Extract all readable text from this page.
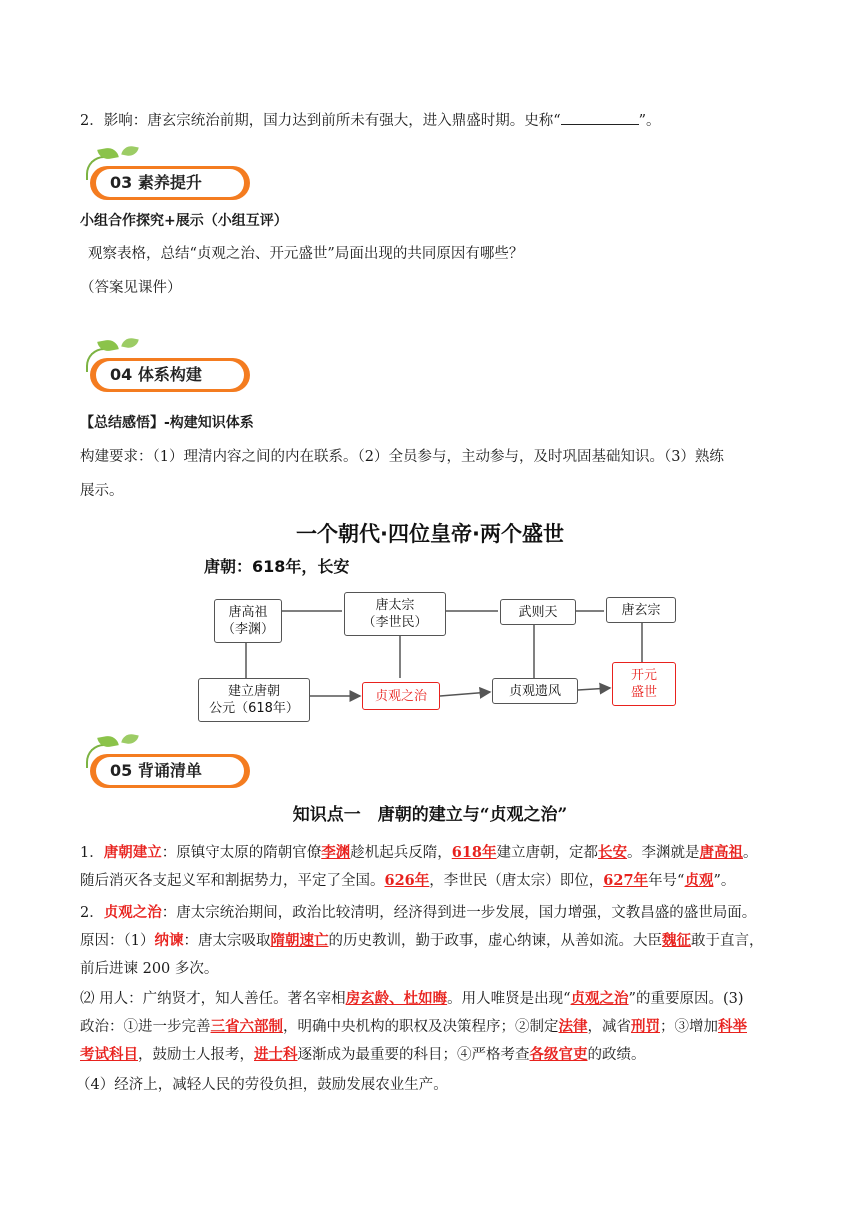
2．影响：唐玄宗统治前期，国力达到前所未有强大，进入鼎盛时期。史称“	”。
03 素养提升
小组合作探究+展示（小组互评）
观察表格，总结“贞观之治、开元盛世”局面出现的共同原因有哪些？
（答案见课件）
04 体系构建
【总结感悟】-构建知识体系
构建要求：（1）理清内容之间的内在联系。（2）全员参与，主动参与，及时巩固基础知识。（3）熟练
展示。
一个朝代·四位皇帝·两个盛世
唐朝：618年，长安
唐高祖
（李渊）
唐太宗
（李世民）
武则天	唐玄宗
建立唐朝
公元（618年）
贞观之治	贞观遗风
开元
盛世
05 背诵清单
知识点一　唐朝的建立与“贞观之治”
1．唐朝建立：原镇守太原的隋朝官僚李渊趁机起兵反隋，618年建立唐朝，定都长安。李渊就是唐高祖。
随后消灭各支起义军和割据势力，平定了全国。626年，李世民（唐太宗）即位，627年年号“贞观”。
2．贞观之治：唐太宗统治期间，政治比较清明，经济得到进一步发展，国力增强，文教昌盛的盛世局面。
原因：（1）纳谏：唐太宗吸取隋朝速亡的历史教训，勤于政事，虚心纳谏，从善如流。大臣魏征敢于直言，
前后进谏 200 多次。
⑵ 用人：广纳贤才，知人善任。著名宰相房玄龄、杜如晦。用人唯贤是出现“贞观之治”的重要原因。(3)
政治：①进一步完善三省六部制，明确中央机构的职权及决策程序；②制定法律，减省刑罚；③增加科举
考试科目，鼓励士人报考，进士科逐渐成为最重要的科目；④严格考查各级官吏的政绩。
（4）经济上，减轻人民的劳役负担，鼓励发展农业生产。
